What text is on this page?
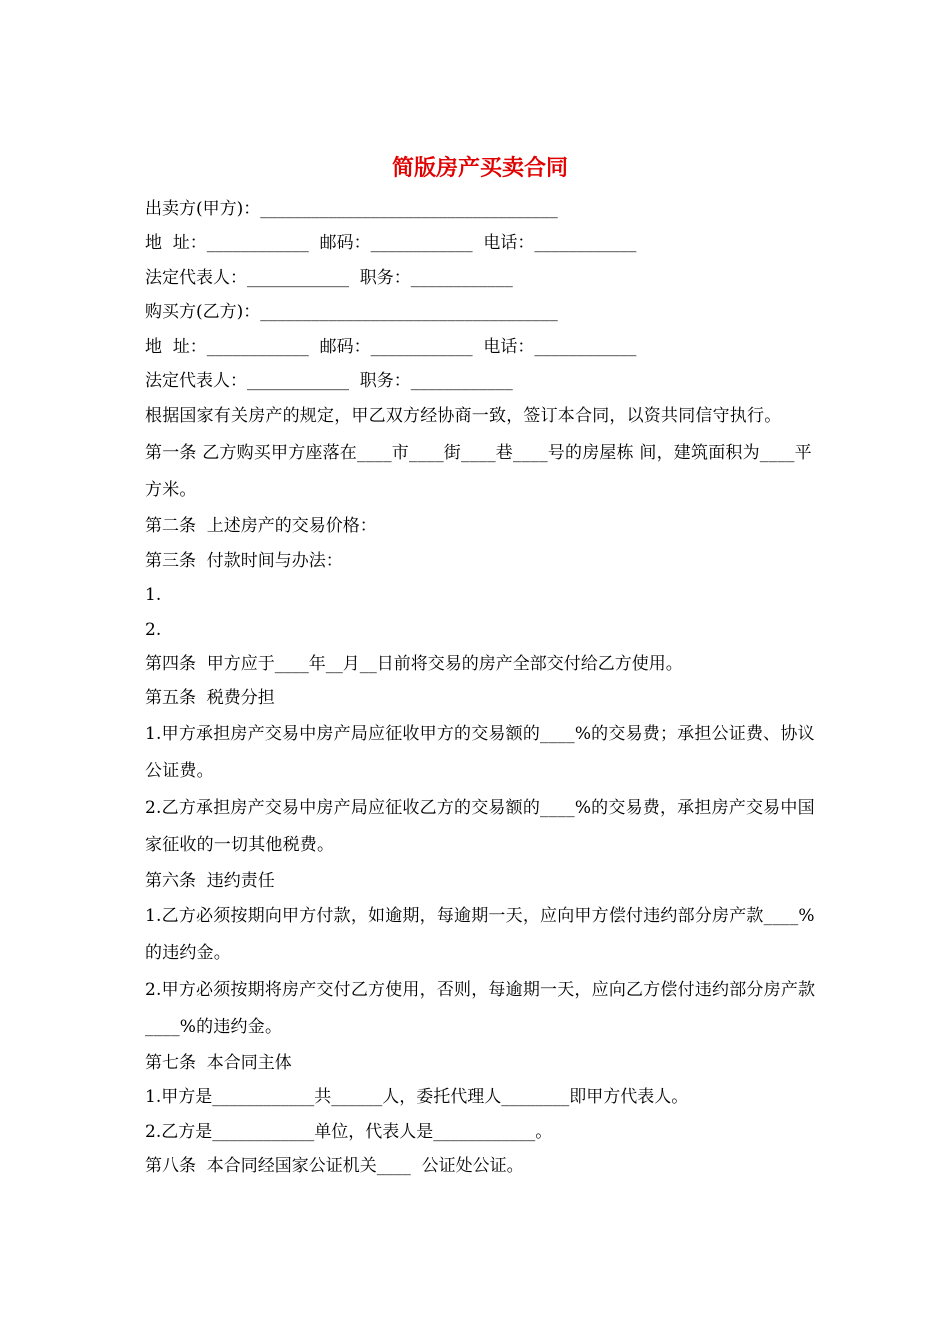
简版房产买卖合同

出卖方(甲方)：___________________________________

地  址：____________  邮码：____________  电话：____________

法定代表人：____________  职务：____________

购买方(乙方)：___________________________________

地  址：____________  邮码：____________  电话：____________

法定代表人：____________  职务：____________

根据国家有关房产的规定，甲乙双方经协商一致，签订本合同，以资共同信守执行。

第一条 乙方购买甲方座落在____市____街____巷____号的房屋栋 间，建筑面积为____平方米。

第二条  上述房产的交易价格：

第三条  付款时间与办法：

1.

2.

第四条  甲方应于____年__月__日前将交易的房产全部交付给乙方使用。

第五条  税费分担

1.甲方承担房产交易中房产局应征收甲方的交易额的____%的交易费；承担公证费、协议公证费。

2.乙方承担房产交易中房产局应征收乙方的交易额的____%的交易费，承担房产交易中国家征收的一切其他税费。

第六条  违约责任

1.乙方必须按期向甲方付款，如逾期，每逾期一天，应向甲方偿付违约部分房产款____%的违约金。

2.甲方必须按期将房产交付乙方使用，否则，每逾期一天，应向乙方偿付违约部分房产款____%的违约金。

第七条  本合同主体

1.甲方是____________共______人，委托代理人________即甲方代表人。

2.乙方是____________单位，代表人是____________。

第八条  本合同经国家公证机关____  公证处公证。
